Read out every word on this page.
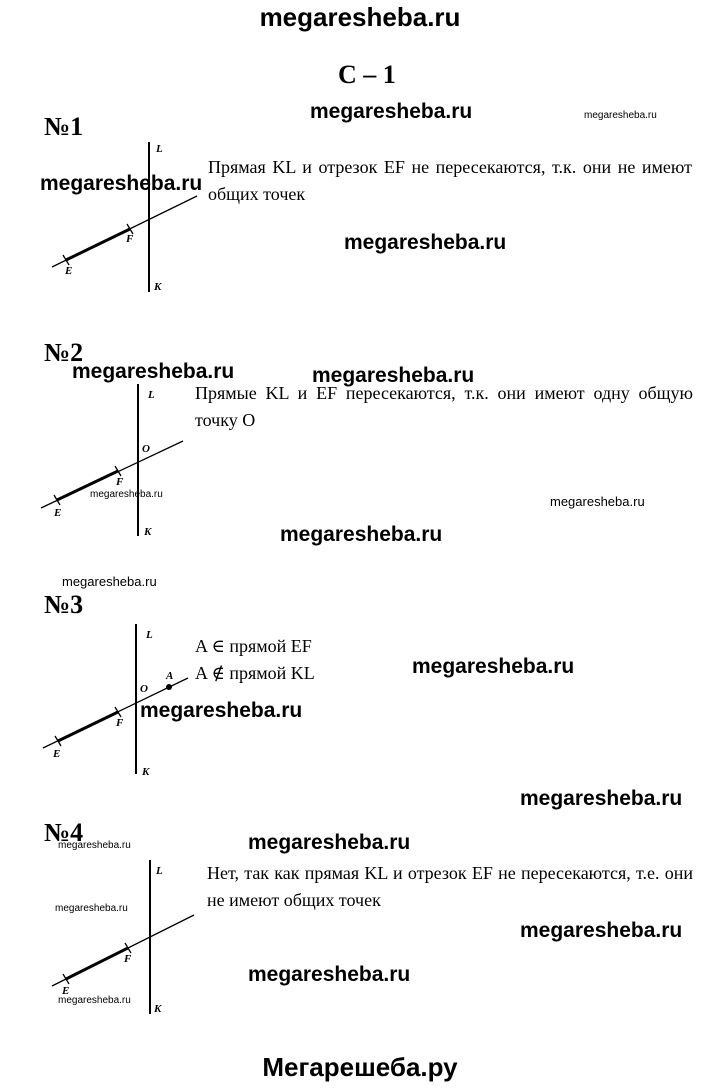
megaresheba.ru
С – 1
megaresheba.ru	megaresheba.ru
megaresheba.ru
megaresheba.ru
megaresheba.ru	megaresheba.ru
megaresheba.ru	megaresheba.ru
megaresheba.ru
megaresheba.ru
megaresheba.ru
megaresheba.ru
megaresheba.ru
megaresheba.ru
megaresheba.ru
megaresheba.ru
megaresheba.ru
megaresheba.ru
megaresheba.ru
№1
Прямая KL и отрезок EF не пересекаются, т.к. они не имеют общих точек
L
K
E
F
№2
Прямые KL и EF пересекаются, т.к. они имеют одну общую точку O
L
O
F
E
K
№3
A ∈ прямой EF
A ∉ прямой KL
L
A
O
F
E
K
№4
Нет, так как прямая KL и отрезок EF не пересекаются, т.е. они не имеют общих точек
L
F
E
K
Мегарешеба.ру
